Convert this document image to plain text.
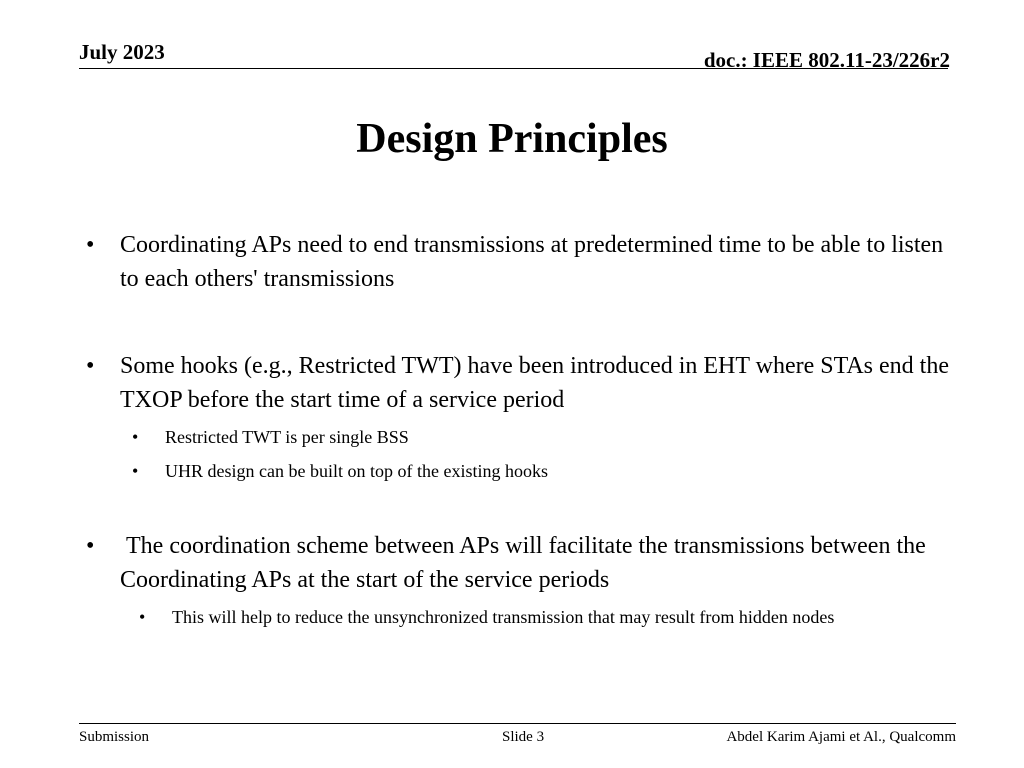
July 2023	doc.: IEEE 802.11-23/226r2
Design Principles
• Coordinating APs need to end transmissions at predetermined time to be able to listen to each others' transmissions
• Some hooks (e.g., Restricted TWT) have been introduced in EHT where STAs end the TXOP before the start time of a service period
• Restricted TWT is per single BSS
• UHR design can be built on top of the existing hooks
• The coordination scheme between APs will facilitate the transmissions between the Coordinating APs at the start of the service periods
• This will help to reduce the unsynchronized transmission that may result from hidden nodes
Submission	Slide 3	Abdel Karim Ajami et Al., Qualcomm
